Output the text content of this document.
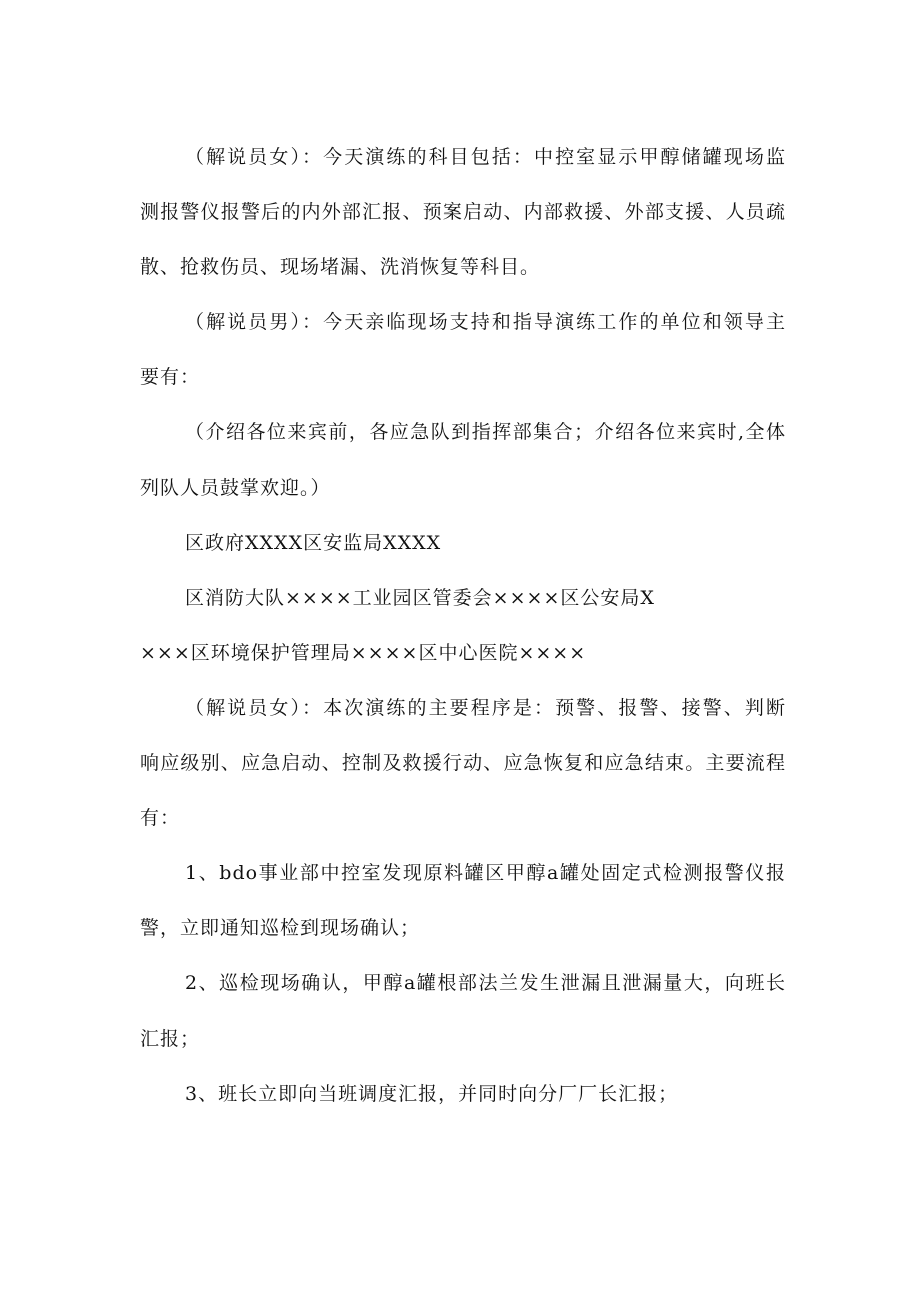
（解说员女）：今天演练的科目包括：中控室显示甲醇储罐现场监
测报警仪报警后的内外部汇报、预案启动、内部救援、外部支援、人员疏
散、抢救伤员、现场堵漏、洗消恢复等科目。
（解说员男）：今天亲临现场支持和指导演练工作的单位和领导主
要有：
（介绍各位来宾前，各应急队到指挥部集合；介绍各位来宾时,全体
列队人员鼓掌欢迎。）
区政府XXXX区安监局XXXX
区消防大队××××工业园区管委会××××区公安局X
×××区环境保护管理局××××区中心医院××××
（解说员女）：本次演练的主要程序是：预警、报警、接警、判断
响应级别、应急启动、控制及救援行动、应急恢复和应急结束。主要流程
有：
1、bdo事业部中控室发现原料罐区甲醇a罐处固定式检测报警仪报
警，立即通知巡检到现场确认；
2、巡检现场确认，甲醇a罐根部法兰发生泄漏且泄漏量大，向班长
汇报；
3、班长立即向当班调度汇报，并同时向分厂厂长汇报；
